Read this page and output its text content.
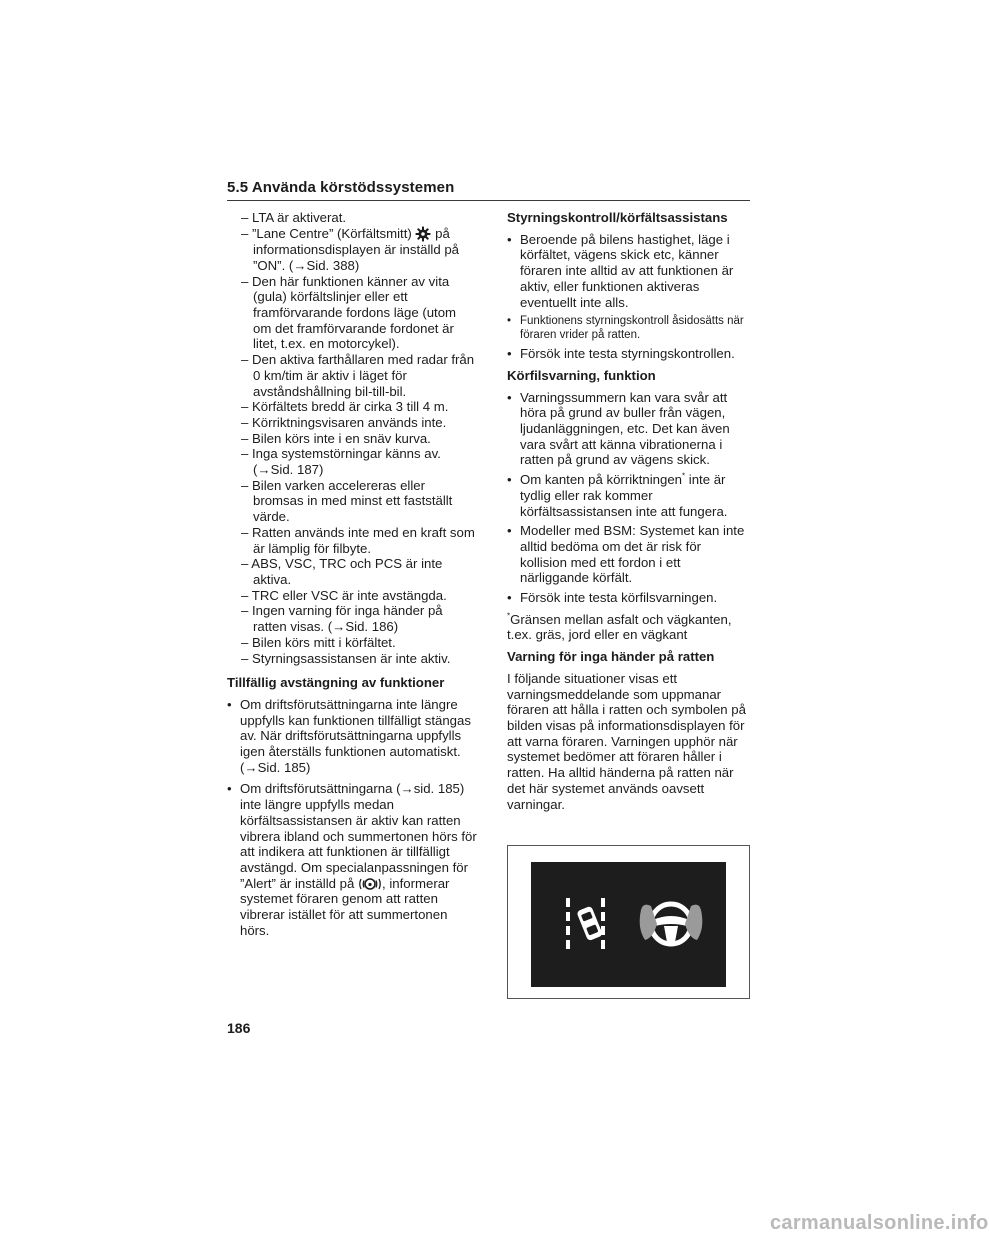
5.5 Använda körstödssystemen
– LTA är aktiverat.
– ”Lane Centre” (Körfältsmitt) på informationsdisplayen är inställd på ”ON”. (→Sid. 388)
– Den här funktionen känner av vita (gula) körfältslinjer eller ett framförvarande fordons läge (utom om det framförvarande fordonet är litet, t.ex. en motorcykel).
– Den aktiva farthållaren med radar från 0 km/tim är aktiv i läget för avståndshållning bil-till-bil.
– Körfältets bredd är cirka 3 till 4 m.
– Körriktningsvisaren används inte.
– Bilen körs inte i en snäv kurva.
– Inga systemstörningar känns av.
(→Sid. 187)
– Bilen varken accelereras eller bromsas in med minst ett fastställt värde.
– Ratten används inte med en kraft som är lämplig för filbyte.
– ABS, VSC, TRC och PCS är inte aktiva.
– TRC eller VSC är inte avstängda.
– Ingen varning för inga händer på ratten visas. (→Sid. 186)
– Bilen körs mitt i körfältet.
– Styrningsassistansen är inte aktiv.
Tillfällig avstängning av funktioner
• Om driftsförutsättningarna inte längre uppfylls kan funktionen tillfälligt stängas av. När driftsförutsättningarna uppfylls igen återställs funktionen automatiskt. (→Sid. 185)
• Om driftsförutsättningarna (→sid. 185) inte längre uppfylls medan körfältsassistansen är aktiv kan ratten vibrera ibland och summertonen hörs för att indikera att funktionen är tillfälligt avstängd. Om specialanpassningen för ”Alert” är inställd på , informerar systemet föraren genom att ratten vibrerar istället för att summertonen hörs.
Styrningskontroll/körfältsassistans
• Beroende på bilens hastighet, läge i körfältet, vägens skick etc, känner föraren inte alltid av att funktionen är aktiv, eller funktionen aktiveras eventuellt inte alls.
• Funktionens styrningskontroll åsidosätts när föraren vrider på ratten.
• Försök inte testa styrningskontrollen.
Körfilsvarning, funktion
• Varningssummern kan vara svår att höra på grund av buller från vägen, ljudanläggningen, etc. Det kan även vara svårt att känna vibrationerna i ratten på grund av vägens skick.
• Om kanten på körriktningen* inte är tydlig eller rak kommer körfältsassistansen inte att fungera.
• Modeller med BSM: Systemet kan inte alltid bedöma om det är risk för kollision med ett fordon i ett närliggande körfält.
• Försök inte testa körfilsvarningen.
*Gränsen mellan asfalt och vägkanten, t.ex. gräs, jord eller en vägkant
Varning för inga händer på ratten
I följande situationer visas ett varningsmeddelande som uppmanar föraren att hålla i ratten och symbolen på bilden visas på informationsdisplayen för att varna föraren. Varningen upphör när systemet bedömer att föraren håller i ratten. Ha alltid händerna på ratten när det här systemet används oavsett varningar.
186
carmanualsonline.info
